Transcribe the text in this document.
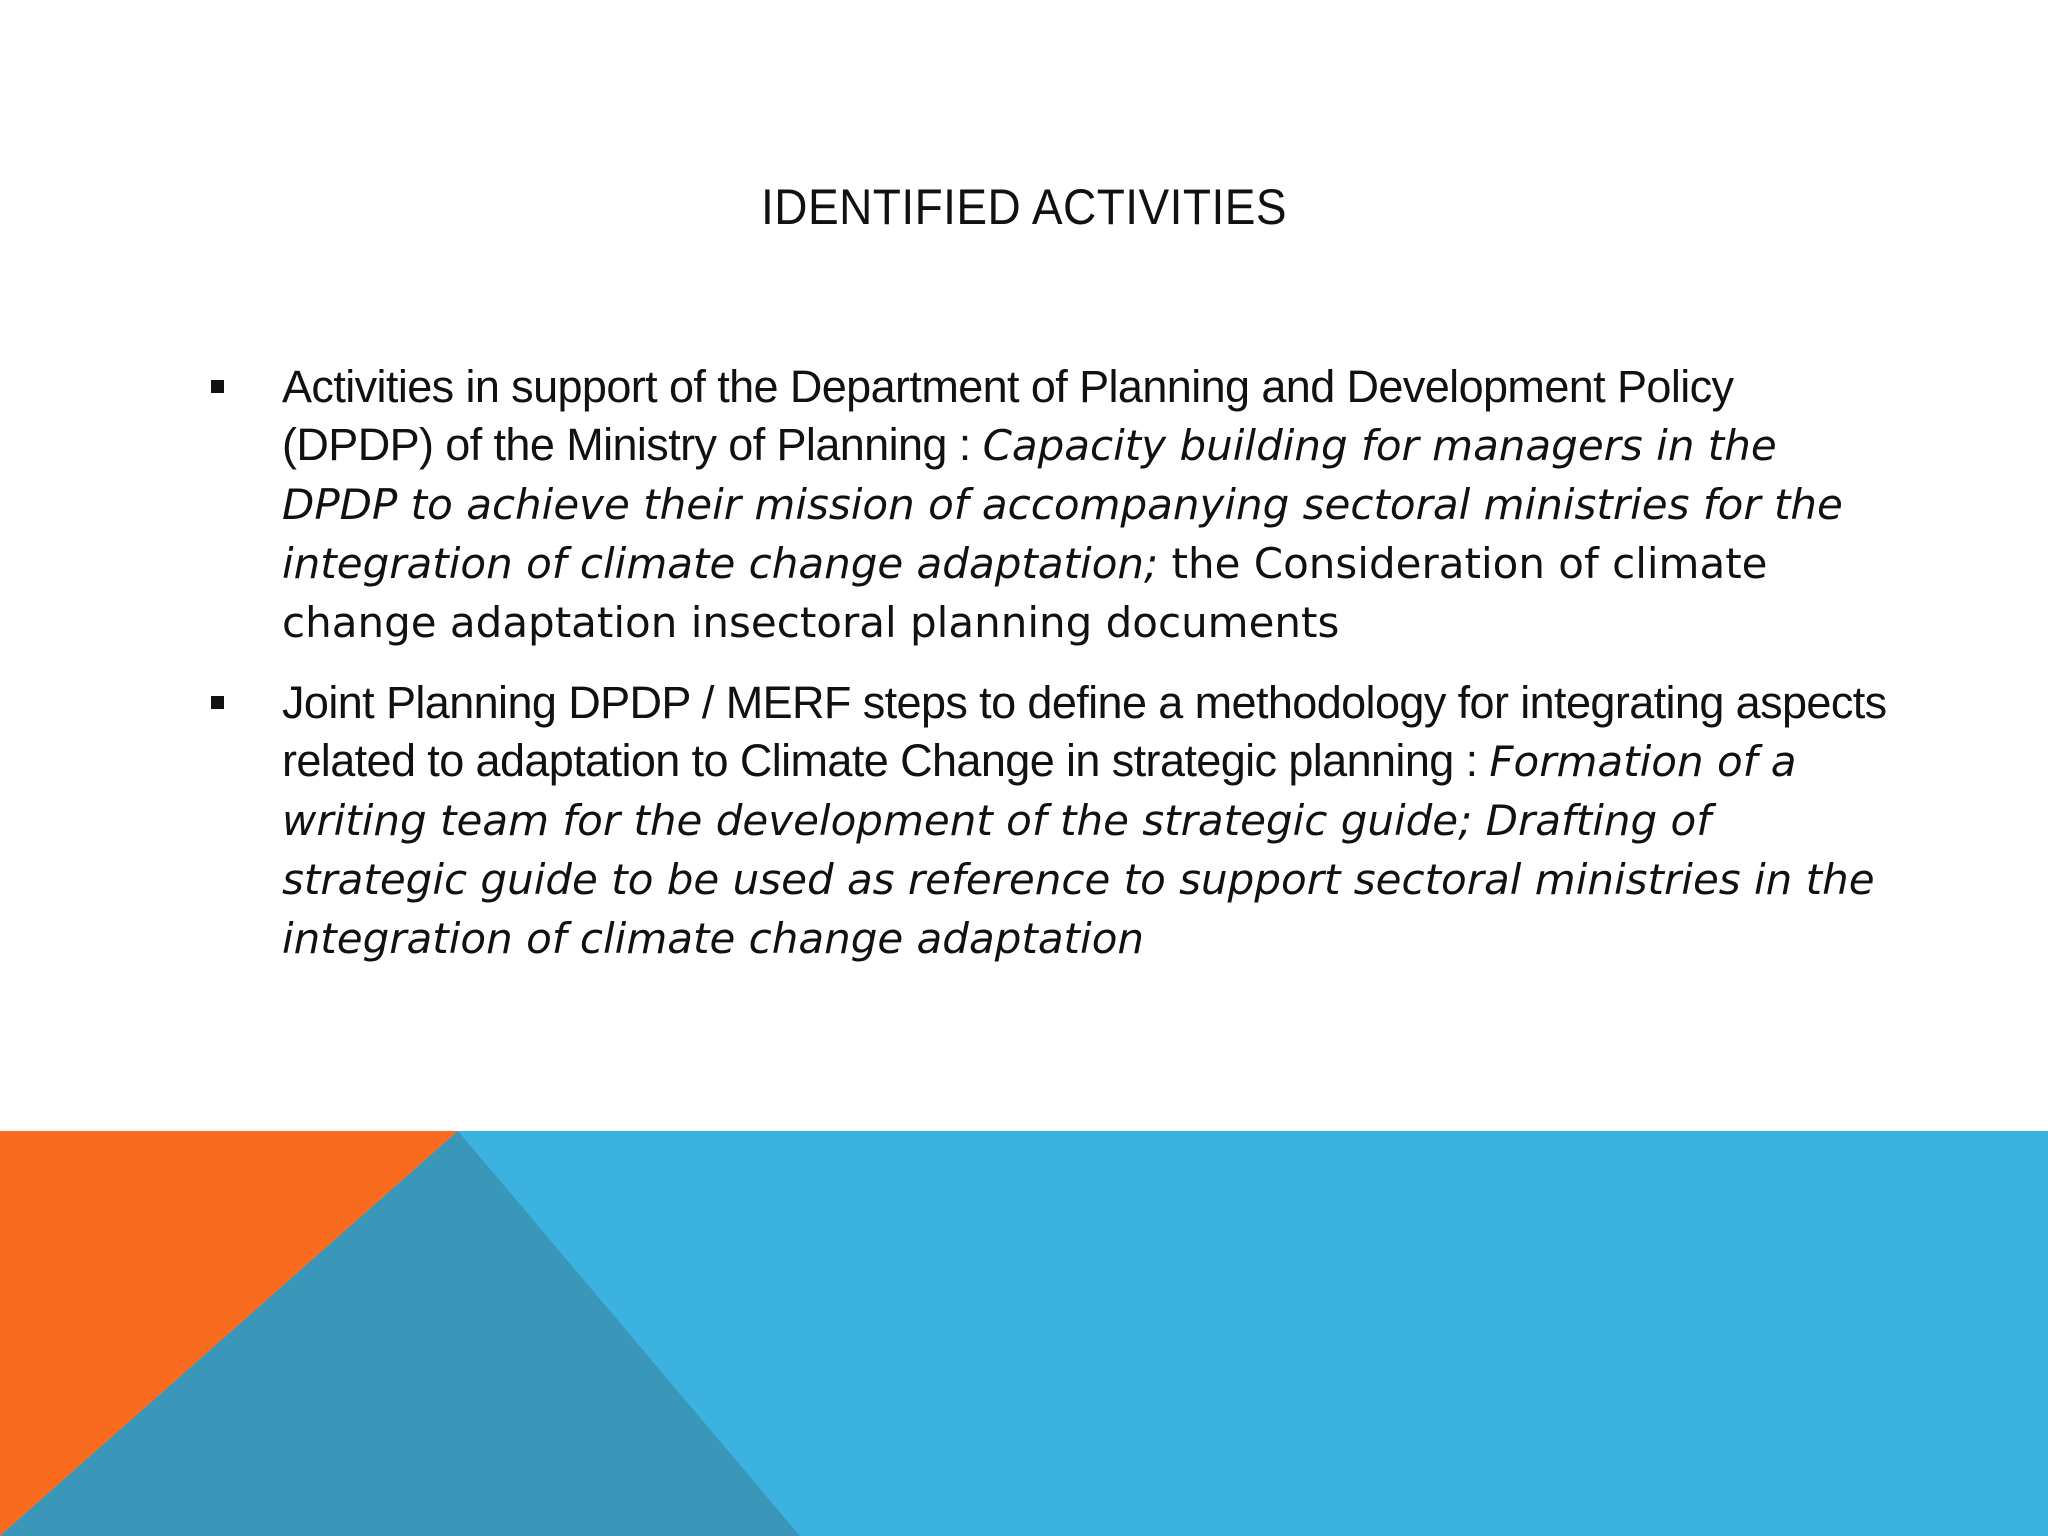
IDENTIFIED ACTIVITIES
Activities in support of the Department of Planning and Development Policy (DPDP) of the Ministry of Planning : Capacity building for managers in the DPDP to achieve their mission of accompanying sectoral ministries for the integration of climate change adaptation; the Consideration of climate change adaptation insectoral planning documents
Joint Planning DPDP / MERF steps to define a methodology for integrating aspects related to adaptation to Climate Change in strategic planning : Formation of a writing team for the development of the strategic guide; Drafting of strategic guide to be used as reference to support sectoral ministries in the integration of climate change adaptation
